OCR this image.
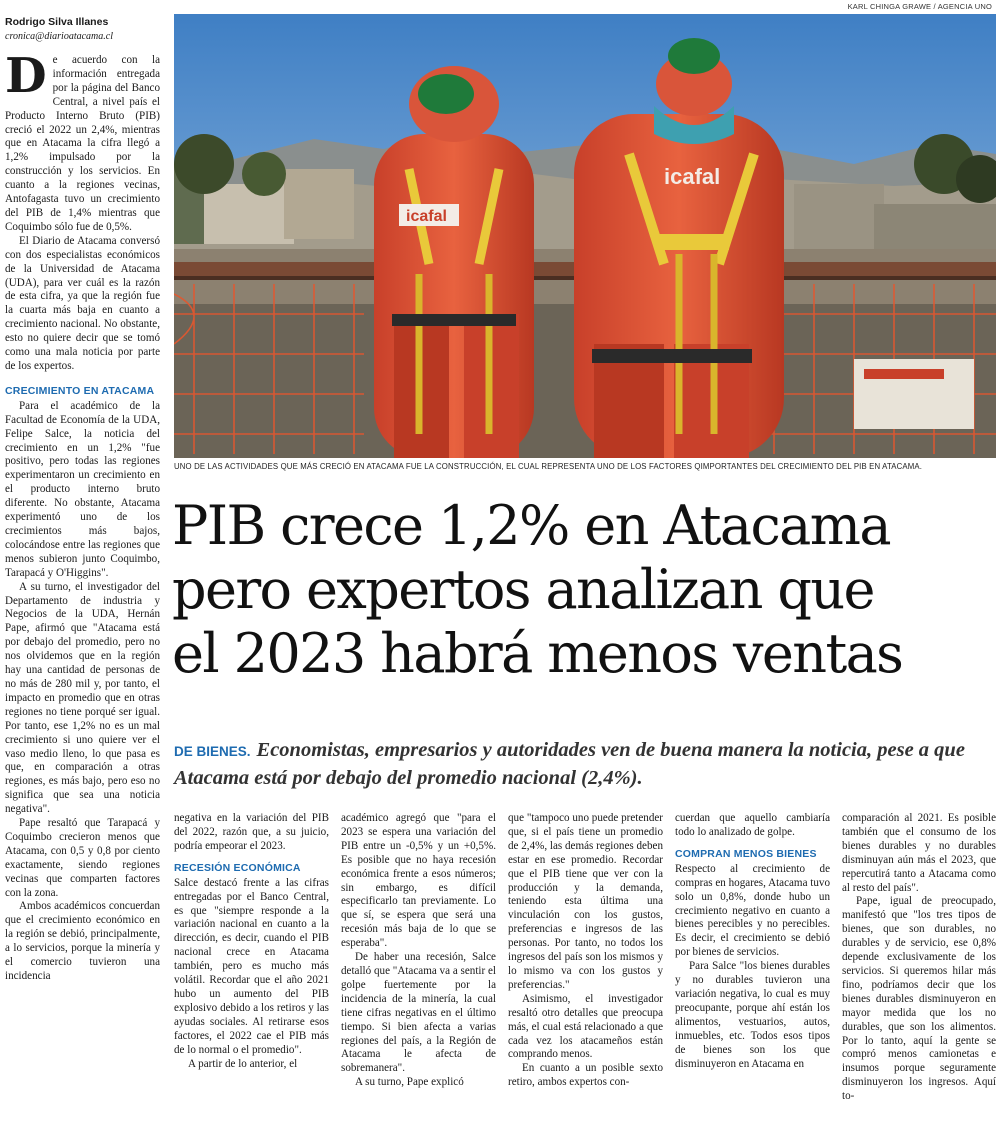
Rodrigo Silva Illanes
cronica@diarioatacama.cl
D e acuerdo con la información entregada por la página del Banco Central, a nivel país el Producto Interno Bruto (PIB) creció el 2022 un 2,4%, mientras que en Atacama la cifra llegó a 1,2% impulsado por la construcción y los servicios. En cuanto a la regiones vecinas, Antofagasta tuvo un crecimiento del PIB de 1,4% mientras que Coquimbo sólo fue de 0,5%.

El Diario de Atacama conversó con dos especialistas económicos de la Universidad de Atacama (UDA), para ver cuál es la razón de esta cifra, ya que la región fue la cuarta más baja en cuanto a crecimiento nacional. No obstante, esto no quiere decir que se tomó como una mala noticia por parte de los expertos.

CRECIMIENTO EN ATACAMA

Para el académico de la Facultad de Economía de la UDA, Felipe Salce, la noticia del crecimiento en un 1,2% "fue positivo, pero todas las regiones experimentaron un crecimiento en el producto interno bruto diferente. No obstante, Atacama experimentó uno de los crecimientos más bajos, colocándose entre las regiones que menos subieron junto Coquimbo, Tarapacá y O'Higgins".

A su turno, el investigador del Departamento de industria y Negocios de la UDA, Hernán Pape, afirmó que "Atacama está por debajo del promedio, pero no nos olvidemos que en la región hay una cantidad de personas de no más de 280 mil y, por tanto, el impacto en promedio que en otras regiones no tiene porqué ser igual. Por tanto, ese 1,2% no es un mal crecimiento si uno quiere ver el vaso medio lleno, lo que pasa es que, en comparación a otras regiones, es más bajo, pero eso no significa que sea una noticia negativa".

Pape resaltó que Tarapacá y Coquimbo crecieron menos que Atacama, con 0,5 y 0,8 por ciento exactamente, siendo regiones vecinas que comparten factores con la zona.

Ambos académicos concuerdan que el crecimiento económico en la región se debió, principalmente, a lo servicios, porque la minería y el comercio tuvieron una incidencia

KARL CHINGA GRAWE / AGENCIA UNO
icafal
icafal
UNO DE LAS ACTIVIDADES QUE MÁS CRECIÓ EN ATACAMA FUE LA CONSTRUCCIÓN, EL CUAL REPRESENTA UNO DE LOS FACTORES QIMPORTANTES DEL CRECIMIENTO DEL PIB EN ATACAMA.
PIB crece 1,2% en Atacama
pero expertos analizan que
el 2023 habrá menos ventas
DE BIENES. Economistas, empresarios y autoridades ven de buena manera la noticia, pese a que Atacama está por debajo del promedio nacional (2,4%).

negativa en la variación del PIB del 2022, razón que, a su juicio, podría empeorar el 2023.

RECESIÓN ECONÓMICA

Salce destacó frente a las cifras entregadas por el Banco Central, es que "siempre responde a la variación nacional en cuanto a la dirección, es decir, cuando el PIB nacional crece en Atacama también, pero es mucho más volátil. Recordar que el año 2021 hubo un aumento del PIB explosivo debido a los retiros y las ayudas sociales. Al retirarse esos factores, el 2022 cae el PIB más de lo normal o el promedio".

A partir de lo anterior, el

académico agregó que "para el 2023 se espera una variación del PIB entre un -0,5% y un +0,5%. Es posible que no haya recesión económica frente a esos números; sin embargo, es difícil especificarlo tan previamente. Lo que sí, se espera que será una recesión más baja de lo que se esperaba".

De haber una recesión, Salce detalló que "Atacama va a sentir el golpe fuertemente por la incidencia de la minería, la cual tiene cifras negativas en el último tiempo. Si bien afecta a varias regiones del país, a la Región de Atacama le afecta de sobremanera".

A su turno, Pape explicó

que "tampoco uno puede pretender que, si el país tiene un promedio de 2,4%, las demás regiones deben estar en ese promedio. Recordar que el PIB tiene que ver con la producción y la demanda, teniendo esta última una vinculación con los gustos, preferencias e ingresos de las personas. Por tanto, no todos los ingresos del país son los mismos y lo mismo va con los gustos y preferencias."

Asimismo, el investigador resaltó otro detalles que preocupa más, el cual está relacionado a que cada vez los atacameños están comprando menos.

En cuanto a un posible sexto retiro, ambos expertos con-

cuerdan que aquello cambiaría todo lo analizado de golpe.

COMPRAN MENOS BIENES

Respecto al crecimiento de compras en hogares, Atacama tuvo solo un 0,8%, donde hubo un crecimiento negativo en cuanto a bienes perecibles y no perecibles. Es decir, el crecimiento se debió por bienes de servicios.

Para Salce "los bienes durables y no durables tuvieron una variación negativa, lo cual es muy preocupante, porque ahí están los alimentos, vestuarios, autos, inmuebles, etc. Todos esos tipos de bienes son los que disminuyeron en Atacama en

comparación al 2021. Es posible también que el consumo de los bienes durables y no durables disminuyan aún más el 2023, que repercutirá tanto a Atacama como al resto del país".

Pape, igual de preocupado, manifestó que "los tres tipos de bienes, que son durables, no durables y de servicio, ese 0,8% depende exclusivamente de los servicios. Si queremos hilar más fino, podríamos decir que los bienes durables disminuyeron en mayor medida que los no durables, que son los alimentos. Por lo tanto, aquí la gente se compró menos camionetas e insumos porque seguramente disminuyeron los ingresos. Aquí to-
